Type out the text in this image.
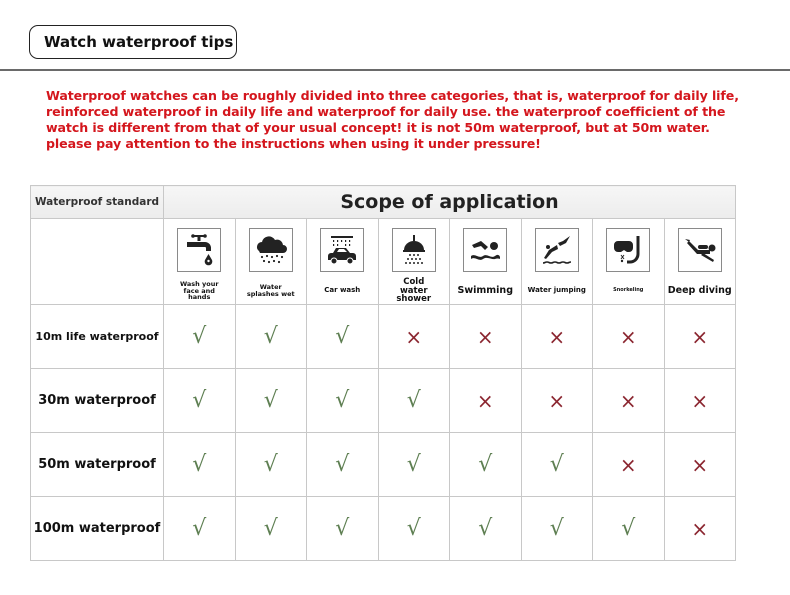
Watch waterproof tips
Waterproof watches can be roughly divided into three categories, that is, waterproof for daily life, reinforced waterproof in daily life and waterproof for daily use. the waterproof coefficient of the watch is different from that of your usual concept! it is not 50m waterproof, but at 50m water. please pay attention to the instructions when using it under pressure!
Waterproof standard	Scope of application							

Wash your face and hands	Water splashes wet	Car wash	Cold water shower	Swimming	Water jumping	Snorkeling	Deep diving

10m life waterproof	√	√	√	×	×	×	×	×
30m waterproof	√	√	√	√	×	×	×	×
50m waterproof	√	√	√	√	√	√	×	×
100m waterproof	√	√	√	√	√	√	√	×
